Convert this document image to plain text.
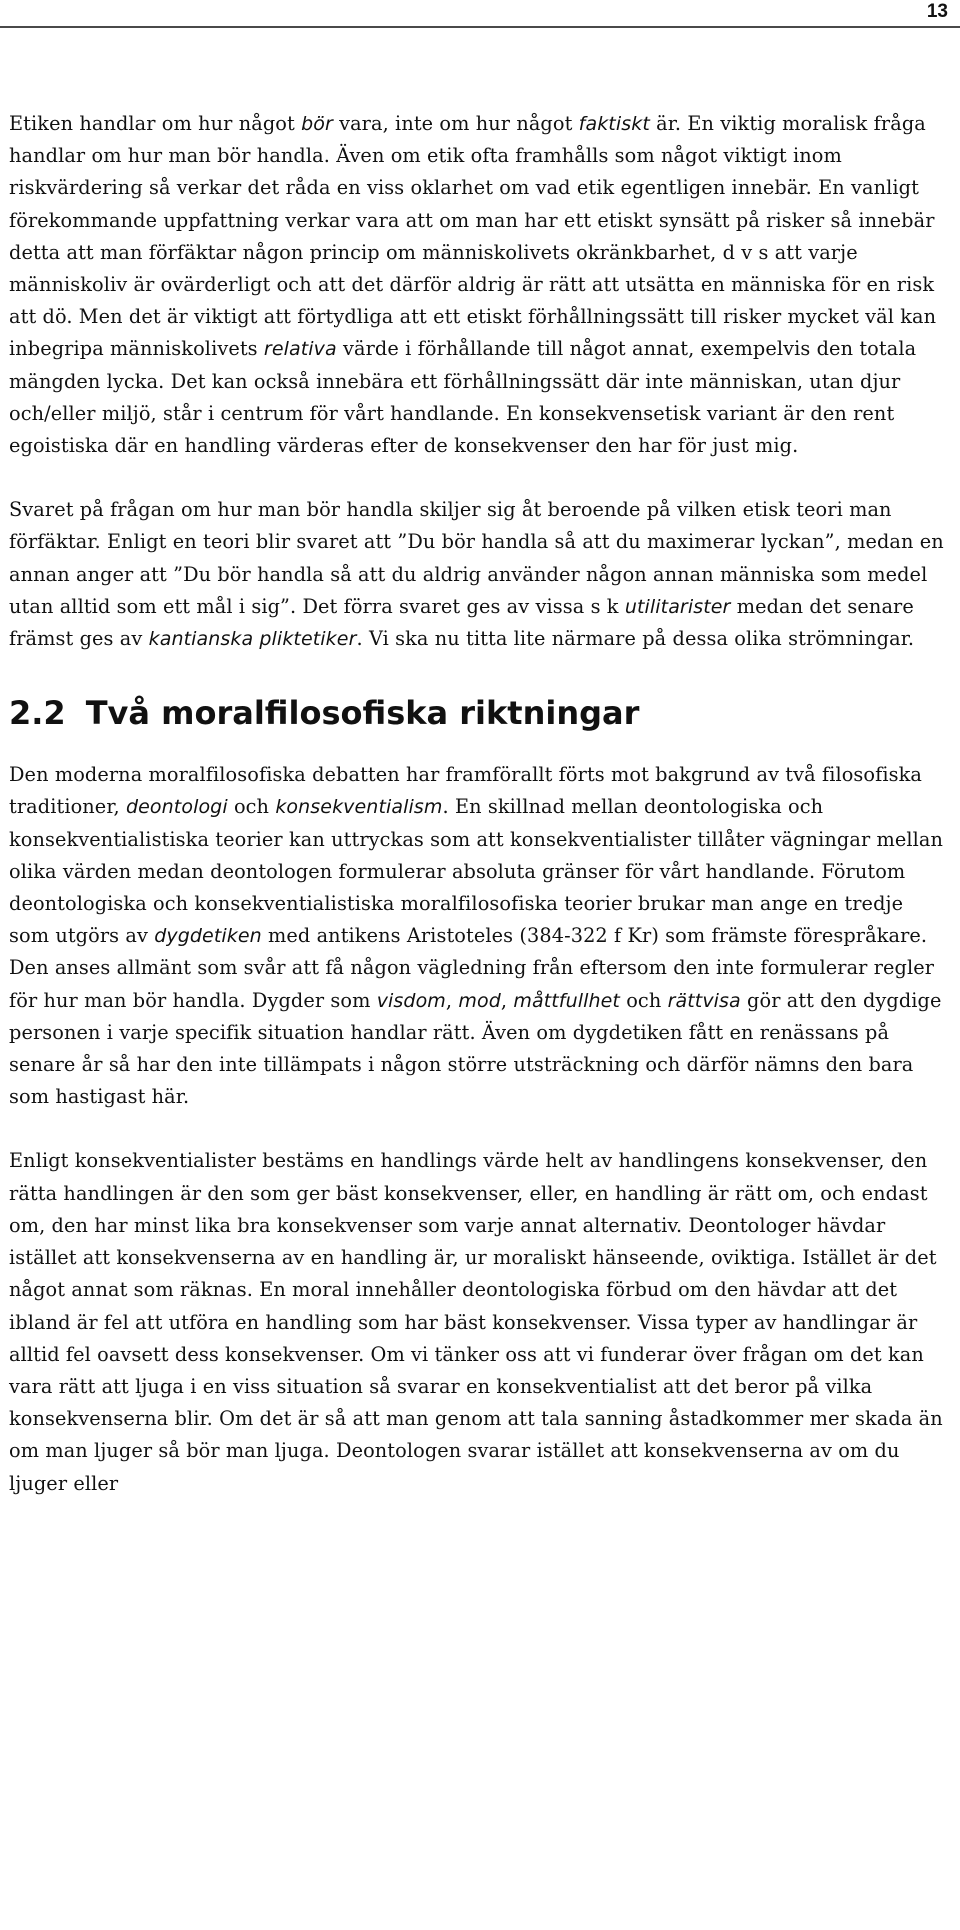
13

Etiken handlar om hur något bör vara, inte om hur något faktiskt är. En viktig moralisk fråga handlar om hur man bör handla. Även om etik ofta framhålls som något viktigt inom riskvärdering så verkar det råda en viss oklarhet om vad etik egentligen innebär. En vanligt förekommande uppfattning verkar vara att om man har ett etiskt synsätt på risker så innebär detta att man förfäktar någon princip om människolivets okränkbarhet, d v s att varje människoliv är ovärderligt och att det därför aldrig är rätt att utsätta en människa för en risk att dö. Men det är viktigt att förtydliga att ett etiskt förhållningssätt till risker mycket väl kan inbegripa människolivets relativa värde i förhållande till något annat, exempelvis den totala mängden lycka. Det kan också innebära ett förhållningssätt där inte människan, utan djur och/eller miljö, står i centrum för vårt handlande. En konsekvensetisk variant är den rent egoistiska där en handling värderas efter de konsekvenser den har för just mig.

Svaret på frågan om hur man bör handla skiljer sig åt beroende på vilken etisk teori man förfäktar. Enligt en teori blir svaret att ”Du bör handla så att du maximerar lyckan”, medan en annan anger att ”Du bör handla så att du aldrig använder någon annan människa som medel utan alltid som ett mål i sig”. Det förra svaret ges av vissa s k utilitarister medan det senare främst ges av kantianska pliktetiker. Vi ska nu titta lite närmare på dessa olika strömningar.

2.2 Två moralfilosofiska riktningar

Den moderna moralfilosofiska debatten har framförallt förts mot bakgrund av två filosofiska traditioner, deontologi och konsekventialism. En skillnad mellan deontologiska och konsekventialistiska teorier kan uttryckas som att konsekventialister tillåter vägningar mellan olika värden medan deontologen formulerar absoluta gränser för vårt handlande. Förutom deontologiska och konsekventialistiska moralfilosofiska teorier brukar man ange en tredje som utgörs av dygdetiken med antikens Aristoteles (384-322 f Kr) som främste förespråkare. Den anses allmänt som svår att få någon vägledning från eftersom den inte formulerar regler för hur man bör handla. Dygder som visdom, mod, måttfullhet och rättvisa gör att den dygdige personen i varje specifik situation handlar rätt. Även om dygdetiken fått en renässans på senare år så har den inte tillämpats i någon större utsträckning och därför nämns den bara som hastigast här.

Enligt konsekventialister bestäms en handlings värde helt av handlingens konsekvenser, den rätta handlingen är den som ger bäst konsekvenser, eller, en handling är rätt om, och endast om, den har minst lika bra konsekvenser som varje annat alternativ. Deontologer hävdar istället att konsekvenserna av en handling är, ur moraliskt hänseende, oviktiga. Istället är det något annat som räknas. En moral innehåller deontologiska förbud om den hävdar att det ibland är fel att utföra en handling som har bäst konsekvenser. Vissa typer av handlingar är alltid fel oavsett dess konsekvenser. Om vi tänker oss att vi funderar över frågan om det kan vara rätt att ljuga i en viss situation så svarar en konsekventialist att det beror på vilka konsekvenserna blir. Om det är så att man genom att tala sanning åstadkommer mer skada än om man ljuger så bör man ljuga. Deontologen svarar istället att konsekvenserna av om du ljuger eller
